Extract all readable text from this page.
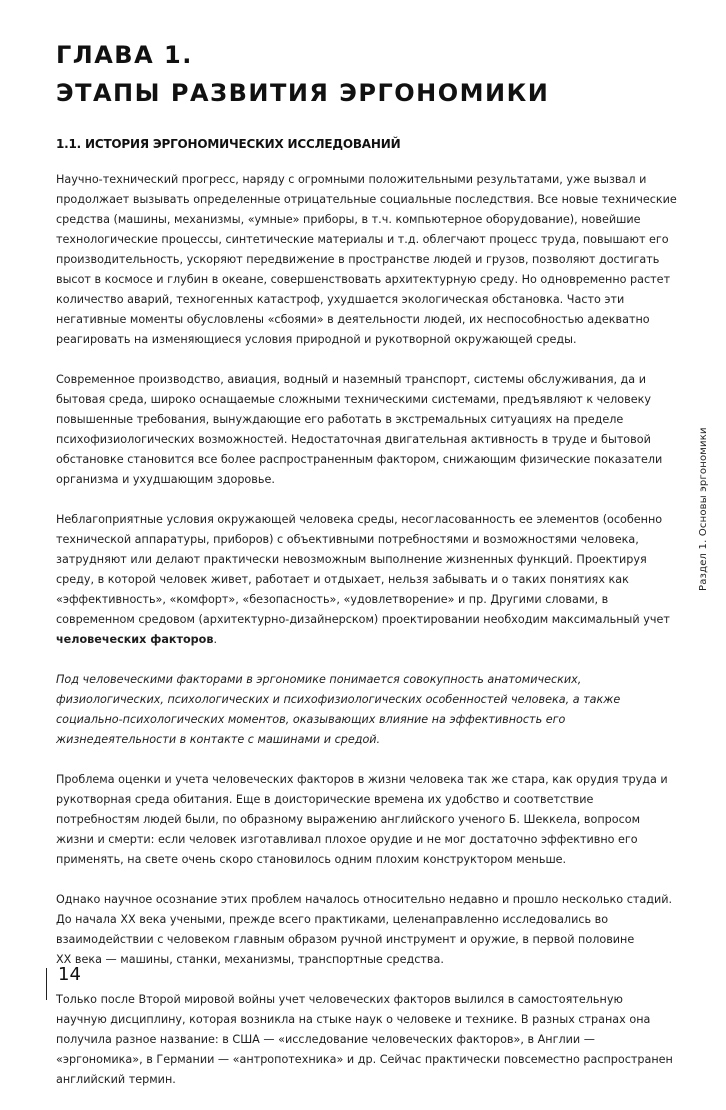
ГЛАВА 1.
ЭТАПЫ РАЗВИТИЯ ЭРГОНОМИКИ
1.1. ИСТОРИЯ ЭРГОНОМИЧЕСКИХ ИССЛЕДОВАНИЙ

Научно-технический прогресс, наряду с огромными положительными результатами, уже вызвал и
продолжает вызывать определенные отрицательные социальные последствия. Все новые технические
средства (машины, механизмы, «умные» приборы, в т.ч. компьютерное оборудование), новейшие
технологические процессы, синтетические материалы и т.д. облегчают процесс труда, повышают его
производительность, ускоряют передвижение в пространстве людей и грузов, позволяют достигать
высот в космосе и глубин в океане, совершенствовать архитектурную среду. Но одновременно растет
количество аварий, техногенных катастроф, ухудшается экологическая обстановка. Часто эти
негативные моменты обусловлены «сбоями» в деятельности людей, их неспособностью адекватно
реагировать на изменяющиеся условия природной и рукотворной окружающей среды.

Современное производство, авиация, водный и наземный транспорт, системы обслуживания, да и
бытовая среда, широко оснащаемые сложными техническими системами, предъявляют к человеку
повышенные требования, вынуждающие его работать в экстремальных ситуациях на пределе
психофизиологических возможностей. Недостаточная двигательная активность в труде и бытовой
обстановке становится все более распространенным фактором, снижающим физические показатели
организма и ухудшающим здоровье.

Неблагоприятные условия окружающей человека среды, несогласованность ее элементов (особенно
технической аппаратуры, приборов) с объективными потребностями и возможностями человека,
затрудняют или делают практически невозможным выполнение жизненных функций. Проектируя
среду, в которой человек живет, работает и отдыхает, нельзя забывать и о таких понятиях как
«эффективность», «комфорт», «безопасность», «удовлетворение» и пр. Другими словами, в
современном средовом (архитектурно-дизайнерском) проектировании необходим максимальный учет
человеческих факторов.

Под человеческими факторами в эргономике понимается совокупность анатомических,
физиологических, психологических и психофизиологических особенностей человека, а также
социально-психологических моментов, оказывающих влияние на эффективность его
жизнедеятельности в контакте с машинами и средой.

Проблема оценки и учета человеческих факторов в жизни человека так же стара, как орудия труда и
рукотворная среда обитания. Еще в доисторические времена их удобство и соответствие
потребностям людей были, по образному выражению английского ученого Б. Шеккела, вопросом
жизни и смерти: если человек изготавливал плохое орудие и не мог достаточно эффективно его
применять, на свете очень скоро становилось одним плохим конструктором меньше.

Однако научное осознание этих проблем началось относительно недавно и прошло несколько стадий.
До начала XX века учеными, прежде всего практиками, целенаправленно исследовались во
взаимодействии с человеком главным образом ручной инструмент и оружие, в первой половине
XX века — машины, станки, механизмы, транспортные средства.

Только после Второй мировой войны учет человеческих факторов вылился в самостоятельную
научную дисциплину, которая возникла на стыке наук о человеке и технике. В разных странах она
получила разное название: в США — «исследование человеческих факторов», в Англии —
«эргономика», в Германии — «антропотехника» и др. Сейчас практически повсеместно распространен
английский термин.

Раздел 1. Основы эргономики
14
